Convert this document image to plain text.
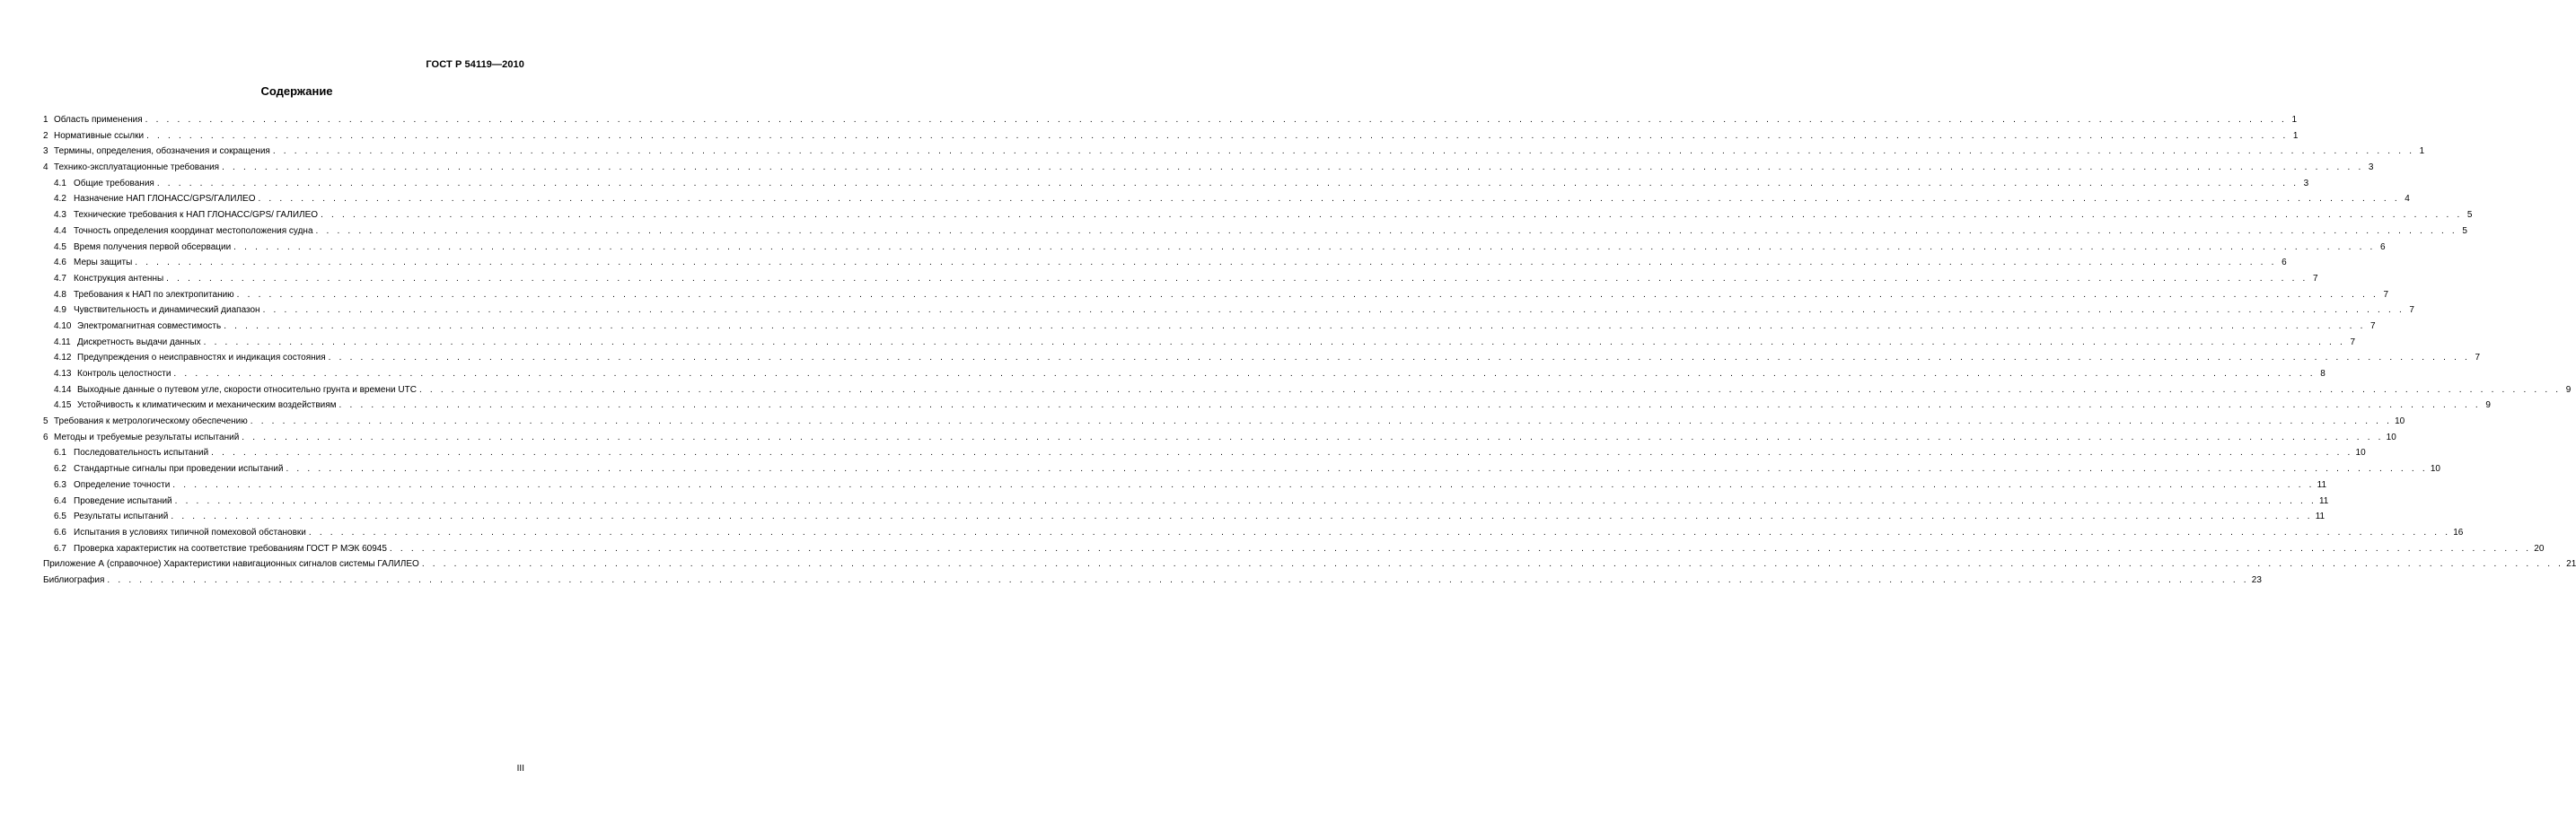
ГОСТ Р 54119—2010
Содержание
1 Область применения . . . . . . . . . . . . . . . . . . . . . . . . . . . . . . . . . . . . . . . . . . . . . . . . . . . . . . . . . . . . . . . . . . . . . . . . . . . . . . . . . . . . . . . . . . . . . . . . . . . . . . . . . . . . . . . . . . . . . . . . . . . . . . . . . . . . . . . . . . . . . . . . . . . . . . . . . . . . . . . . . . . . . . . . . . . . . . . . . . . . . . . . . . . . . . . . . . . . . . . . 1
2 Нормативные ссылки . . . . . . . . . . . . . . . . . . . . . . . . . . . . . . . . . . . . . . . . . . . . . . . . . . . . . . . . . . . . . . . . . . . . . . . . . . . . . . . . . . . . . . . . . . . . . . . . . . . . . . . . . . . . . . . . . . . . . . . . . . . . . . . . . . . . . . . . . . . . . . . . . . . . . . . . . . . . . . . . . . . . . . . . . . . . . . . . . . . . . . . . . . . . . . . . . . . . . . . . 1
3 Термины, определения, обозначения и сокращения . . . . . . . . . . . . . . . . . . . . . . . . . . . . . . . . . . . . . . . . . . . . . . . . . . . . . . . . . . . . . . . . . . . . . . . . . . . . . . . . . . . . . . . . . . . . . . . . . . . . . . . . . . . . . . . . . . . . . . . . . . . . . . . . . . . . . . . . . . . . . . . . . . . . . . . . . . . . . . . . . . . . . . . . . . . . . . . . . . . . . . . . . . . . . . . . . . . . . . . . 1
4 Технико-эксплуатационные требования . . . . . . . . . . . . . . . . . . . . . . . . . . . . . . . . . . . . . . . . . . . . . . . . . . . . . . . . . . . . . . . . . . . . . . . . . . . . . . . . . . . . . . . . . . . . . . . . . . . . . . . . . . . . . . . . . . . . . . . . . . . . . . . . . . . . . . . . . . . . . . . . . . . . . . . . . . . . . . . . . . . . . . . . . . . . . . . . . . . . . . . . . . . . . . . . . . . . . . . . 3
4.1 Общие требования . . . . . . . . . . . . . . . . . . . . . . . . . . . . . . . . . . . . . . . . . . . . . . . . . . . . . . . . . . . . . . . . . . . . . . . . . . . . . . . . . . . . . . . . . . . . . . . . . . . . . . . . . . . . . . . . . . . . . . . . . . . . . . . . . . . . . . . . . . . . . . . . . . . . . . . . . . . . . . . . . . . . . . . . . . . . . . . . . . . . . . . . . . . . . . . . . . . . . . . . 3
4.2 Назначение НАП ГЛОНАСС/GPS/ГАЛИЛЕО . . . . . . . . . . . . . . . . . . . . . . . . . . . . . . . . . . . . . . . . . . . . . . . . . . . . . . . . . . . . . . . . . . . . . . . . . . . . . . . . . . . . . . . . . . . . . . . . . . . . . . . . . . . . . . . . . . . . . . . . . . . . . . . . . . . . . . . . . . . . . . . . . . . . . . . . . . . . . . . . . . . . . . . . . . . . . . . . . . . . . . . . . . . . . . . . . . . . . . . . 4
4.3 Технические требования к НАП ГЛОНАСС/GPS/ ГАЛИЛЕО . . . . . . . . . . . . . . . . . . . . . . . . . . . . . . . . . . . . . . . . . . . . . . . . . . . . . . . . . . . . . . . . . . . . . . . . . . . . . . . . . . . . . . . . . . . . . . . . . . . . . . . . . . . . . . . . . . . . . . . . . . . . . . . . . . . . . . . . . . . . . . . . . . . . . . . . . . . . . . . . . . . . . . . . . . . . . . . . . . . . . . . . . . . . . . . . . . . . . . . . 5
4.4 Точность определения координат местоположения судна . . . . . . . . . . . . . . . . . . . . . . . . . . . . . . . . . . . . . . . . . . . . . . . . . . . . . . . . . . . . . . . . . . . . . . . . . . . . . . . . . . . . . . . . . . . . . . . . . . . . . . . . . . . . . . . . . . . . . . . . . . . . . . . . . . . . . . . . . . . . . . . . . . . . . . . . . . . . . . . . . . . . . . . . . . . . . . . . . . . . . . . . . . . . . . . . . . . . . . . . 5
4.5 Время получения первой обсервации . . . . . . . . . . . . . . . . . . . . . . . . . . . . . . . . . . . . . . . . . . . . . . . . . . . . . . . . . . . . . . . . . . . . . . . . . . . . . . . . . . . . . . . . . . . . . . . . . . . . . . . . . . . . . . . . . . . . . . . . . . . . . . . . . . . . . . . . . . . . . . . . . . . . . . . . . . . . . . . . . . . . . . . . . . . . . . . . . . . . . . . . . . . . . . . . . . . . . . . . 6
4.6 Меры защиты . . . . . . . . . . . . . . . . . . . . . . . . . . . . . . . . . . . . . . . . . . . . . . . . . . . . . . . . . . . . . . . . . . . . . . . . . . . . . . . . . . . . . . . . . . . . . . . . . . . . . . . . . . . . . . . . . . . . . . . . . . . . . . . . . . . . . . . . . . . . . . . . . . . . . . . . . . . . . . . . . . . . . . . . . . . . . . . . . . . . . . . . . . . . . . . . . . . . . . . . 6
4.7 Конструкция антенны . . . . . . . . . . . . . . . . . . . . . . . . . . . . . . . . . . . . . . . . . . . . . . . . . . . . . . . . . . . . . . . . . . . . . . . . . . . . . . . . . . . . . . . . . . . . . . . . . . . . . . . . . . . . . . . . . . . . . . . . . . . . . . . . . . . . . . . . . . . . . . . . . . . . . . . . . . . . . . . . . . . . . . . . . . . . . . . . . . . . . . . . . . . . . . . . . . . . . . . . 7
4.8 Требования к НАП по электропитанию . . . . . . . . . . . . . . . . . . . . . . . . . . . . . . . . . . . . . . . . . . . . . . . . . . . . . . . . . . . . . . . . . . . . . . . . . . . . . . . . . . . . . . . . . . . . . . . . . . . . . . . . . . . . . . . . . . . . . . . . . . . . . . . . . . . . . . . . . . . . . . . . . . . . . . . . . . . . . . . . . . . . . . . . . . . . . . . . . . . . . . . . . . . . . . . . . . . . . . . . 7
4.9 Чувствительность и динамический диапазон . . . . . . . . . . . . . . . . . . . . . . . . . . . . . . . . . . . . . . . . . . . . . . . . . . . . . . . . . . . . . . . . . . . . . . . . . . . . . . . . . . . . . . . . . . . . . . . . . . . . . . . . . . . . . . . . . . . . . . . . . . . . . . . . . . . . . . . . . . . . . . . . . . . . . . . . . . . . . . . . . . . . . . . . . . . . . . . . . . . . . . . . . . . . . . . . . . . . . . . . 7
4.10 Электромагнитная совместимость . . . . . . . . . . . . . . . . . . . . . . . . . . . . . . . . . . . . . . . . . . . . . . . . . . . . . . . . . . . . . . . . . . . . . . . . . . . . . . . . . . . . . . . . . . . . . . . . . . . . . . . . . . . . . . . . . . . . . . . . . . . . . . . . . . . . . . . . . . . . . . . . . . . . . . . . . . . . . . . . . . . . . . . . . . . . . . . . . . . . . . . . . . . . . . . . . . . . . . . . 7
4.11 Дискретность выдачи данных . . . . . . . . . . . . . . . . . . . . . . . . . . . . . . . . . . . . . . . . . . . . . . . . . . . . . . . . . . . . . . . . . . . . . . . . . . . . . . . . . . . . . . . . . . . . . . . . . . . . . . . . . . . . . . . . . . . . . . . . . . . . . . . . . . . . . . . . . . . . . . . . . . . . . . . . . . . . . . . . . . . . . . . . . . . . . . . . . . . . . . . . . . . . . . . . . . . . . . . . 7
4.12 Предупреждения о неисправностях и индикация состояния . . . . . . . . . . . . . . . . . . . . . . . . . . . . . . . . . . . . . . . . . . . . . . . . . . . . . . . . . . . . . . . . . . . . . . . . . . . . . . . . . . . . . . . . . . . . . . . . . . . . . . . . . . . . . . . . . . . . . . . . . . . . . . . . . . . . . . . . . . . . . . . . . . . . . . . . . . . . . . . . . . . . . . . . . . . . . . . . . . . . . . . . . . . . . . . . . . . . . . . . 7
4.13 Контроль целостности . . . . . . . . . . . . . . . . . . . . . . . . . . . . . . . . . . . . . . . . . . . . . . . . . . . . . . . . . . . . . . . . . . . . . . . . . . . . . . . . . . . . . . . . . . . . . . . . . . . . . . . . . . . . . . . . . . . . . . . . . . . . . . . . . . . . . . . . . . . . . . . . . . . . . . . . . . . . . . . . . . . . . . . . . . . . . . . . . . . . . . . . . . . . . . . . . . . . . . . . 8
4.14 Выходные данные о путевом угле, скорости относительно грунта и времени UTC . . . . . . . . . . . . . . . . . . . . . . . . . . . . . . . . . . . . . . . . . . . . . . . . . . . . . . . . . . . . . . . . . . . . . . . . . . . . . . . . . . . . . . . . . . . . . . . . . . . . . . . . . . . . . . . . . . . . . . . . . . . . . . . . . . . . . . . . . . . . . . . . . . . . . . . . . . . . . . . . . . . . . . . . . . . . . . . . . . . . . . . . . . . . . . . . . . . . . . . . 9
4.15 Устойчивость к климатическим и механическим воздействиям . . . . . . . . . . . . . . . . . . . . . . . . . . . . . . . . . . . . . . . . . . . . . . . . . . . . . . . . . . . . . . . . . . . . . . . . . . . . . . . . . . . . . . . . . . . . . . . . . . . . . . . . . . . . . . . . . . . . . . . . . . . . . . . . . . . . . . . . . . . . . . . . . . . . . . . . . . . . . . . . . . . . . . . . . . . . . . . . . . . . . . . . . . . . . . . . . . . . . . . . 9
5 Требования к метрологическому обеспечению . . . . . . . . . . . . . . . . . . . . . . . . . . . . . . . . . . . . . . . . . . . . . . . . . . . . . . . . . . . . . . . . . . . . . . . . . . . . . . . . . . . . . . . . . . . . . . . . . . . . . . . . . . . . . . . . . . . . . . . . . . . . . . . . . . . . . . . . . . . . . . . . . . . . . . . . . . . . . . . . . . . . . . . . . . . . . . . . . . . . . . . . . . . . . . . . . . . . . . . . 10
6 Методы и требуемые результаты испытаний . . . . . . . . . . . . . . . . . . . . . . . . . . . . . . . . . . . . . . . . . . . . . . . . . . . . . . . . . . . . . . . . . . . . . . . . . . . . . . . . . . . . . . . . . . . . . . . . . . . . . . . . . . . . . . . . . . . . . . . . . . . . . . . . . . . . . . . . . . . . . . . . . . . . . . . . . . . . . . . . . . . . . . . . . . . . . . . . . . . . . . . . . . . . . . . . . . . . . . . . 10
6.1 Последовательность испытаний . . . . . . . . . . . . . . . . . . . . . . . . . . . . . . . . . . . . . . . . . . . . . . . . . . . . . . . . . . . . . . . . . . . . . . . . . . . . . . . . . . . . . . . . . . . . . . . . . . . . . . . . . . . . . . . . . . . . . . . . . . . . . . . . . . . . . . . . . . . . . . . . . . . . . . . . . . . . . . . . . . . . . . . . . . . . . . . . . . . . . . . . . . . . . . . . . . . . . . . . 10
6.2 Стандартные сигналы при проведении испытаний . . . . . . . . . . . . . . . . . . . . . . . . . . . . . . . . . . . . . . . . . . . . . . . . . . . . . . . . . . . . . . . . . . . . . . . . . . . . . . . . . . . . . . . . . . . . . . . . . . . . . . . . . . . . . . . . . . . . . . . . . . . . . . . . . . . . . . . . . . . . . . . . . . . . . . . . . . . . . . . . . . . . . . . . . . . . . . . . . . . . . . . . . . . . . . . . . . . . . . . . 10
6.3 Определение точности . . . . . . . . . . . . . . . . . . . . . . . . . . . . . . . . . . . . . . . . . . . . . . . . . . . . . . . . . . . . . . . . . . . . . . . . . . . . . . . . . . . . . . . . . . . . . . . . . . . . . . . . . . . . . . . . . . . . . . . . . . . . . . . . . . . . . . . . . . . . . . . . . . . . . . . . . . . . . . . . . . . . . . . . . . . . . . . . . . . . . . . . . . . . . . . . . . . . . . . . 11
6.4 Проведение испытаний . . . . . . . . . . . . . . . . . . . . . . . . . . . . . . . . . . . . . . . . . . . . . . . . . . . . . . . . . . . . . . . . . . . . . . . . . . . . . . . . . . . . . . . . . . . . . . . . . . . . . . . . . . . . . . . . . . . . . . . . . . . . . . . . . . . . . . . . . . . . . . . . . . . . . . . . . . . . . . . . . . . . . . . . . . . . . . . . . . . . . . . . . . . . . . . . . . . . . . . . 11
6.5 Результаты испытаний . . . . . . . . . . . . . . . . . . . . . . . . . . . . . . . . . . . . . . . . . . . . . . . . . . . . . . . . . . . . . . . . . . . . . . . . . . . . . . . . . . . . . . . . . . . . . . . . . . . . . . . . . . . . . . . . . . . . . . . . . . . . . . . . . . . . . . . . . . . . . . . . . . . . . . . . . . . . . . . . . . . . . . . . . . . . . . . . . . . . . . . . . . . . . . . . . . . . . . . . 11
6.6 Испытания в условиях типичной помеховой обстановки . . . . . . . . . . . . . . . . . . . . . . . . . . . . . . . . . . . . . . . . . . . . . . . . . . . . . . . . . . . . . . . . . . . . . . . . . . . . . . . . . . . . . . . . . . . . . . . . . . . . . . . . . . . . . . . . . . . . . . . . . . . . . . . . . . . . . . . . . . . . . . . . . . . . . . . . . . . . . . . . . . . . . . . . . . . . . . . . . . . . . . . . . . . . . . . . . . . . . . . . 16
6.7 Проверка характеристик на соответствие требованиям ГОСТ Р МЭК 60945 . . . . . . . . . . . . . . . . . . . . . . . . . . . . . . . . . . . . . . . . . . . . . . . . . . . . . . . . . . . . . . . . . . . . . . . . . . . . . . . . . . . . . . . . . . . . . . . . . . . . . . . . . . . . . . . . . . . . . . . . . . . . . . . . . . . . . . . . . . . . . . . . . . . . . . . . . . . . . . . . . . . . . . . . . . . . . . . . . . . . . . . . . . . . . . . . . . . . . . . . 20
Приложение А (справочное) Характеристики навигационных сигналов системы ГАЛИЛЕО . . . . . . . . . . . . . . . . . . . . . . . . . . . . . . . . . . . . . . . . . . . . . . . . . . . . . . . . . . . . . . . . . . . . . . . . . . . . . . . . . . . . . . . . . . . . . . . . . . . . . . . . . . . . . . . . . . . . . . . . . . . . . . . . . . . . . . . . . . . . . . . . . . . . . . . . . . . . . . . . . . . . . . . . . . . . . . . . . . . . . . . . . . . . . . . . . . . . . . . . 21
Библиография . . . . . . . . . . . . . . . . . . . . . . . . . . . . . . . . . . . . . . . . . . . . . . . . . . . . . . . . . . . . . . . . . . . . . . . . . . . . . . . . . . . . . . . . . . . . . . . . . . . . . . . . . . . . . . . . . . . . . . . . . . . . . . . . . . . . . . . . . . . . . . . . . . . . . . . . . . . . . . . . . . . . . . . . . . . . . . . . . . . . . . . . . . . . . . . . . . . . . . . . 23
III
